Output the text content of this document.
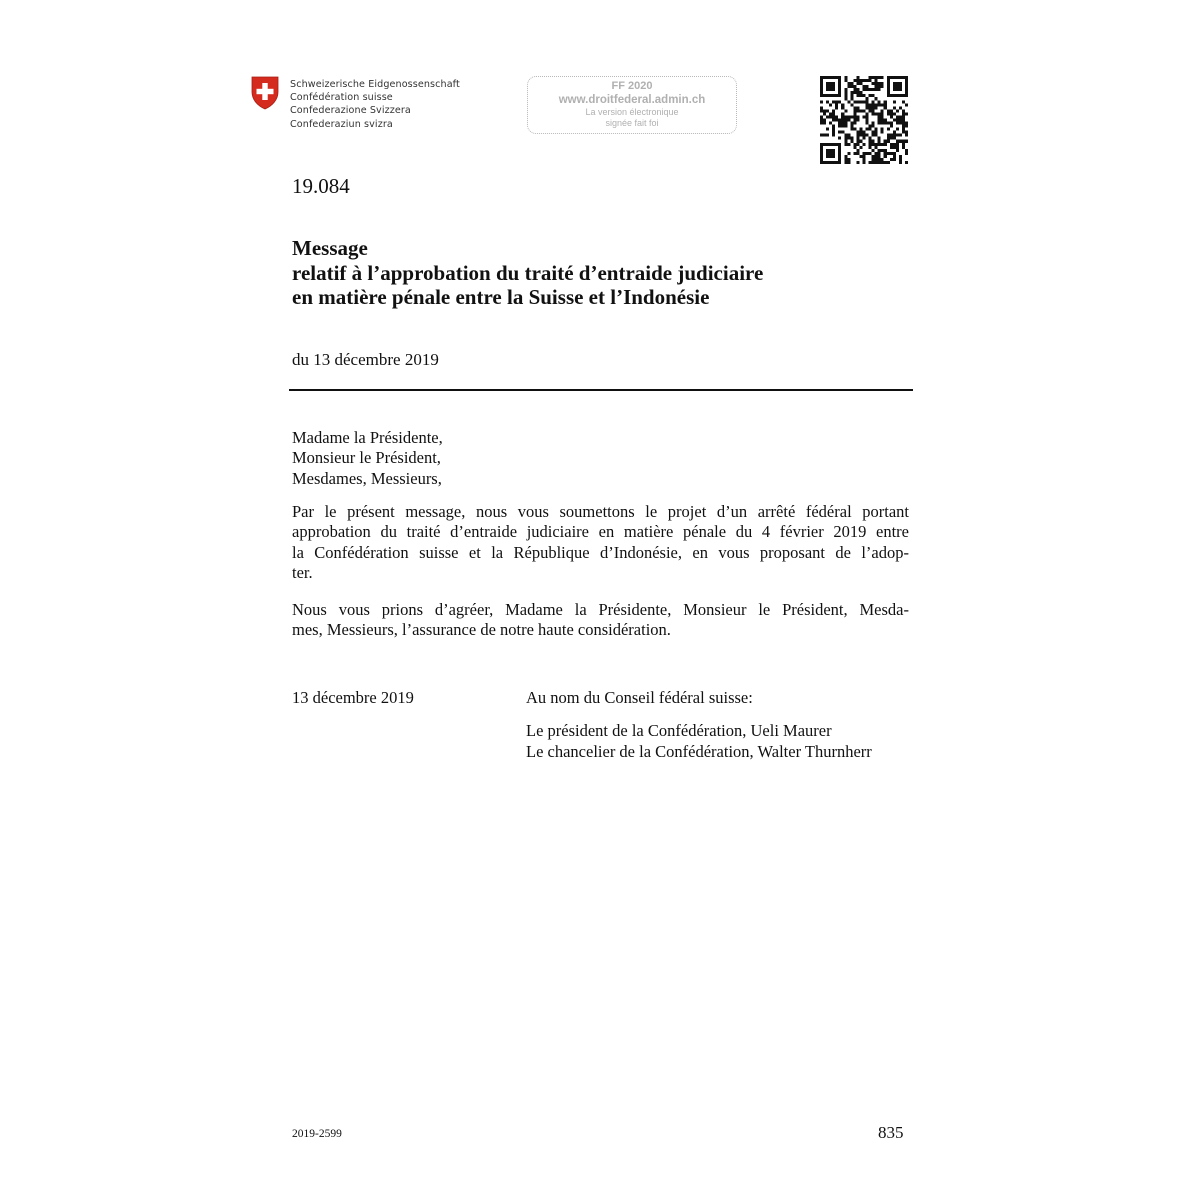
Schweizerische Eidgenossenschaft
Confédération suisse
Confederazione Svizzera
Confederaziun svizra
FF 2020
www.droitfederal.admin.ch
La version électronique
signée fait foi
19.084
Message
relatif à l’approbation du traité d’entraide judiciaire
en matière pénale entre la Suisse et l’Indonésie
du 13 décembre 2019
Madame la Présidente,
Monsieur le Président,
Mesdames, Messieurs,
Par le présent message, nous vous soumettons le projet d’un arrêté fédéral portant
approbation du traité d’entraide judiciaire en matière pénale du 4 février 2019 entre
la Confédération suisse et la République d’Indonésie, en vous proposant de l’adop-
ter.
Nous vous prions d’agréer, Madame la Présidente, Monsieur le Président, Mesda-
mes, Messieurs, l’assurance de notre haute considération.
13 décembre 2019	Au nom du Conseil fédéral suisse:
Le président de la Confédération, Ueli Maurer
Le chancelier de la Confédération, Walter Thurnherr
2019-2599	835
